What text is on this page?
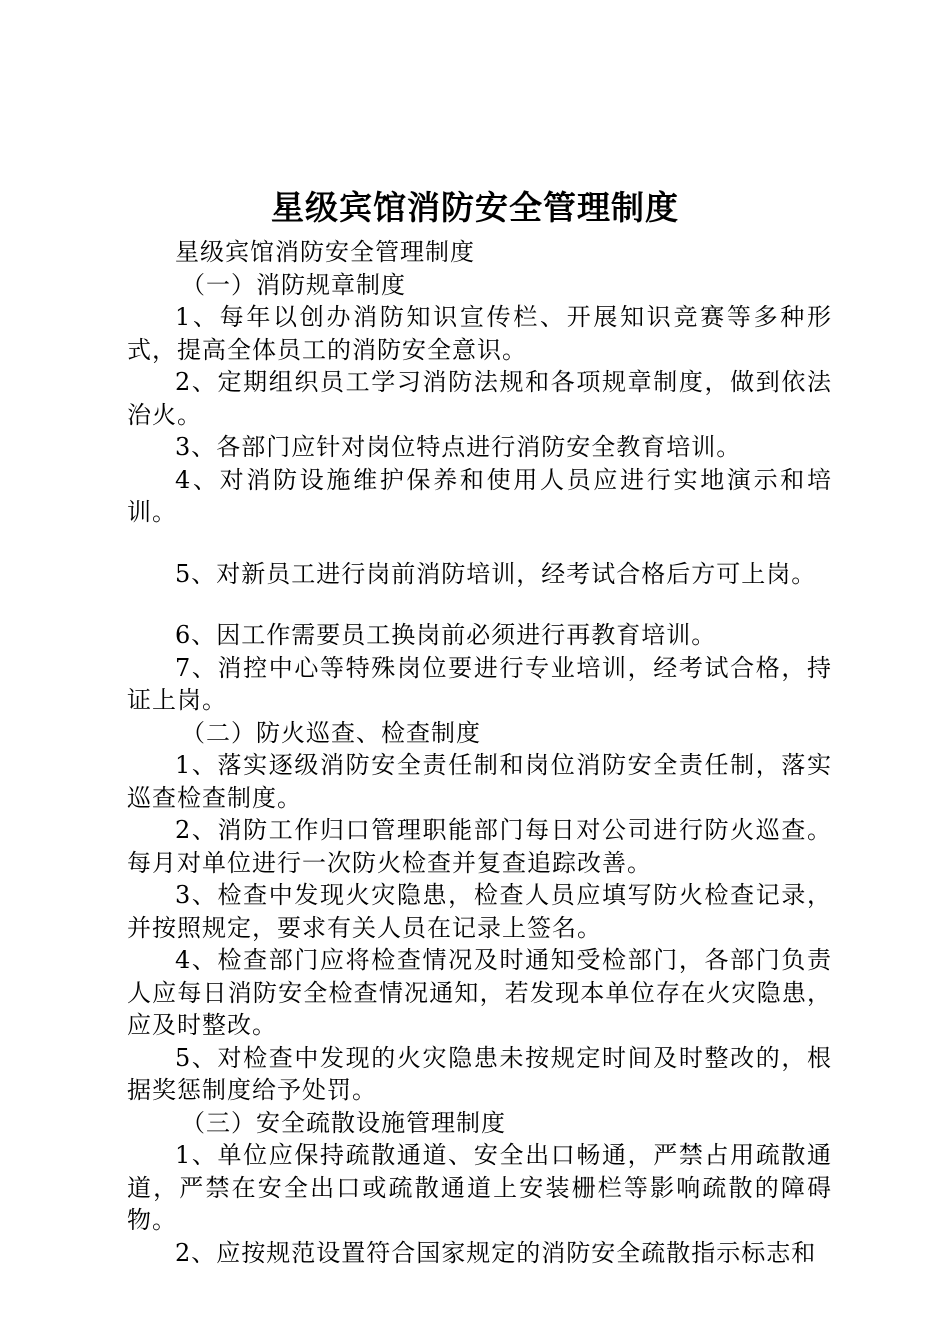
星级宾馆消防安全管理制度

星级宾馆消防安全管理制度

（一）消防规章制度

1、每年以创办消防知识宣传栏、开展知识竞赛等多种形式，提高全体员工的消防安全意识。

2、定期组织员工学习消防法规和各项规章制度，做到依法治火。

3、各部门应针对岗位特点进行消防安全教育培训。

4、对消防设施维护保养和使用人员应进行实地演示和培训。

5、对新员工进行岗前消防培训，经考试合格后方可上岗。

6、因工作需要员工换岗前必须进行再教育培训。

7、消控中心等特殊岗位要进行专业培训，经考试合格，持证上岗。

（二）防火巡查、检查制度

1、落实逐级消防安全责任制和岗位消防安全责任制，落实巡查检查制度。

2、消防工作归口管理职能部门每日对公司进行防火巡查。每月对单位进行一次防火检查并复查追踪改善。

3、检查中发现火灾隐患，检查人员应填写防火检查记录，并按照规定，要求有关人员在记录上签名。

4、检查部门应将检查情况及时通知受检部门，各部门负责人应每日消防安全检查情况通知，若发现本单位存在火灾隐患，应及时整改。

5、对检查中发现的火灾隐患未按规定时间及时整改的，根据奖惩制度给予处罚。

（三）安全疏散设施管理制度

1、单位应保持疏散通道、安全出口畅通，严禁占用疏散通道，严禁在安全出口或疏散通道上安装栅栏等影响疏散的障碍物。

2、应按规范设置符合国家规定的消防安全疏散指示标志和
